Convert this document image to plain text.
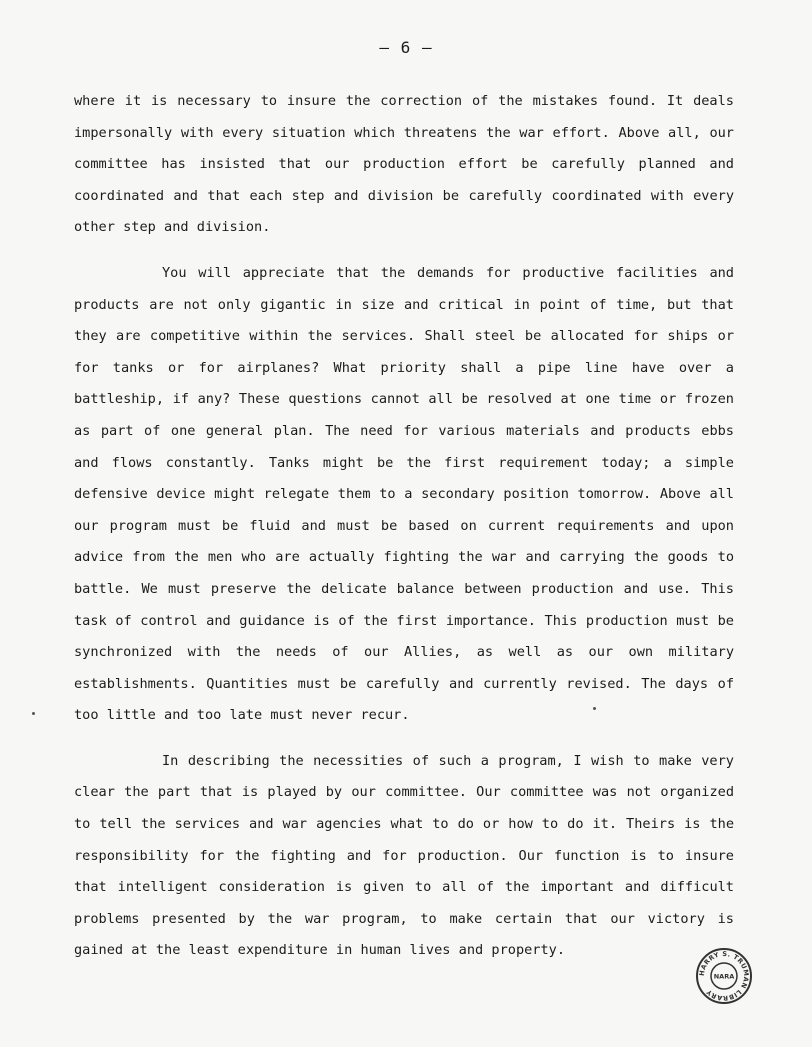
– 6 –

where it is necessary to insure the correction of the mistakes found. It deals impersonally with every situation which threatens the war effort. Above all, our committee has insisted that our production effort be carefully planned and coordinated and that each step and division be carefully coordinated with every other step and division.

You will appreciate that the demands for productive facilities and products are not only gigantic in size and critical in point of time, but that they are competitive within the services. Shall steel be allocated for ships or for tanks or for airplanes? What priority shall a pipe line have over a battleship, if any? These questions cannot all be resolved at one time or frozen as part of one general plan. The need for various materials and products ebbs and flows constantly. Tanks might be the first requirement today; a simple defensive device might relegate them to a secondary position tomorrow. Above all our program must be fluid and must be based on current requirements and upon advice from the men who are actually fighting the war and carrying the goods to battle. We must preserve the delicate balance between production and use. This task of control and guidance is of the first importance. This production must be synchronized with the needs of our Allies, as well as our own military establishments. Quantities must be carefully and currently revised. The days of too little and too late must never recur.

In describing the necessities of such a program, I wish to make very clear the part that is played by our committee. Our committee was not organized to tell the services and war agencies what to do or how to do it. Theirs is the responsibility for the fighting and for production. Our function is to insure that intelligent consideration is given to all of the important and difficult problems presented by the war program, to make certain that our victory is gained at the least expenditure in human lives and property.

HARRY S. TRUMAN LIBRARY
NARA
